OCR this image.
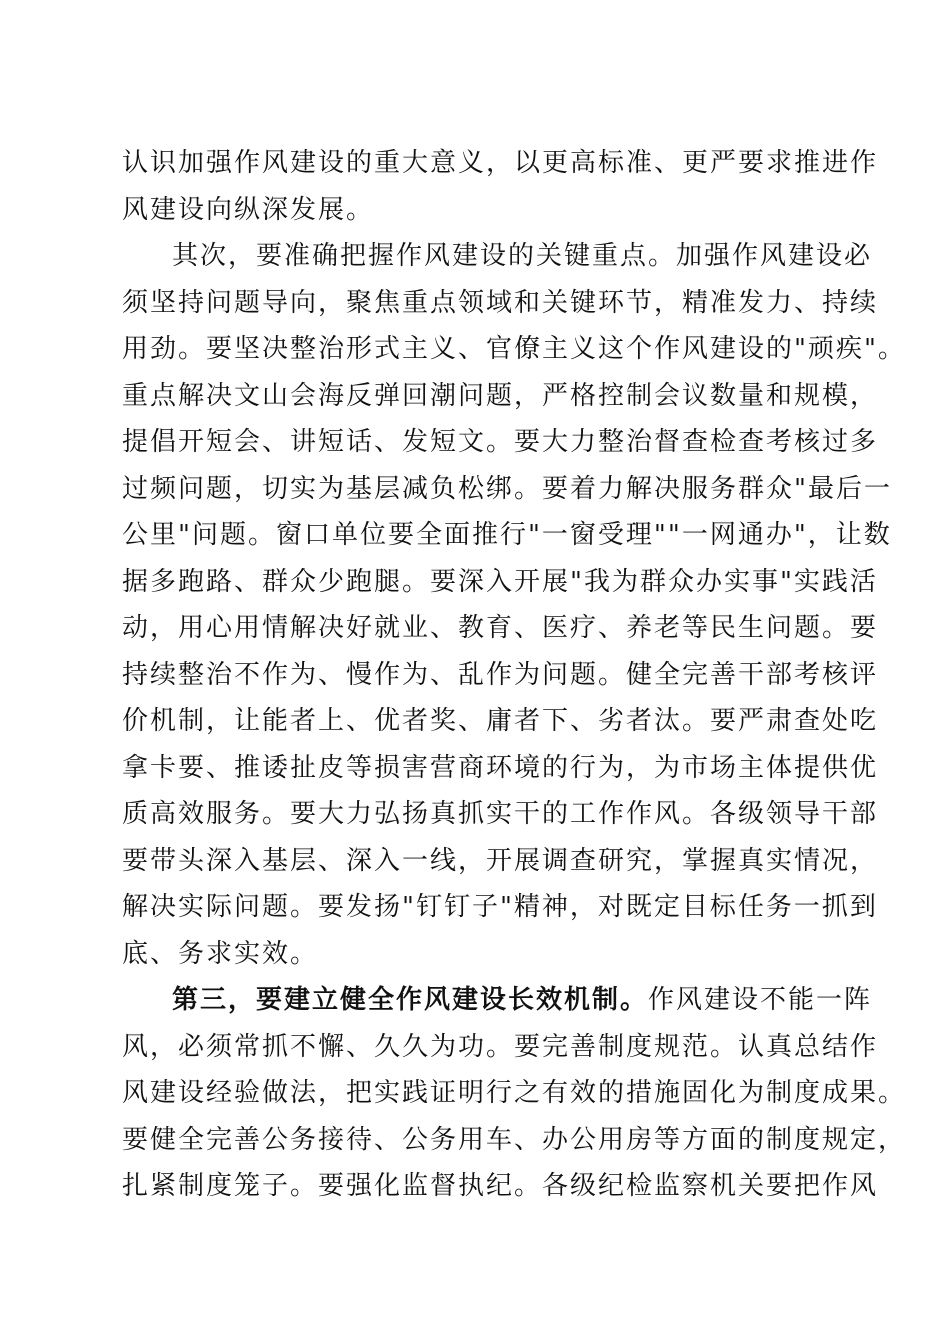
认识加强作风建设的重大意义，以更高标准、更严要求推进作
风建设向纵深发展。
其次，要准确把握作风建设的关键重点。加强作风建设必
须坚持问题导向，聚焦重点领域和关键环节，精准发力、持续
用劲。要坚决整治形式主义、官僚主义这个作风建设的"顽疾"。
重点解决文山会海反弹回潮问题，严格控制会议数量和规模，
提倡开短会、讲短话、发短文。要大力整治督查检查考核过多
过频问题，切实为基层减负松绑。要着力解决服务群众"最后一
公里"问题。窗口单位要全面推行"一窗受理""一网通办"，让数
据多跑路、群众少跑腿。要深入开展"我为群众办实事"实践活
动，用心用情解决好就业、教育、医疗、养老等民生问题。要
持续整治不作为、慢作为、乱作为问题。健全完善干部考核评
价机制，让能者上、优者奖、庸者下、劣者汰。要严肃查处吃
拿卡要、推诿扯皮等损害营商环境的行为，为市场主体提供优
质高效服务。要大力弘扬真抓实干的工作作风。各级领导干部
要带头深入基层、深入一线，开展调查研究，掌握真实情况，
解决实际问题。要发扬"钉钉子"精神，对既定目标任务一抓到
底、务求实效。
第三，要建立健全作风建设长效机制。作风建设不能一阵
风，必须常抓不懈、久久为功。要完善制度规范。认真总结作
风建设经验做法，把实践证明行之有效的措施固化为制度成果。
要健全完善公务接待、公务用车、办公用房等方面的制度规定，
扎紧制度笼子。要强化监督执纪。各级纪检监察机关要把作风
